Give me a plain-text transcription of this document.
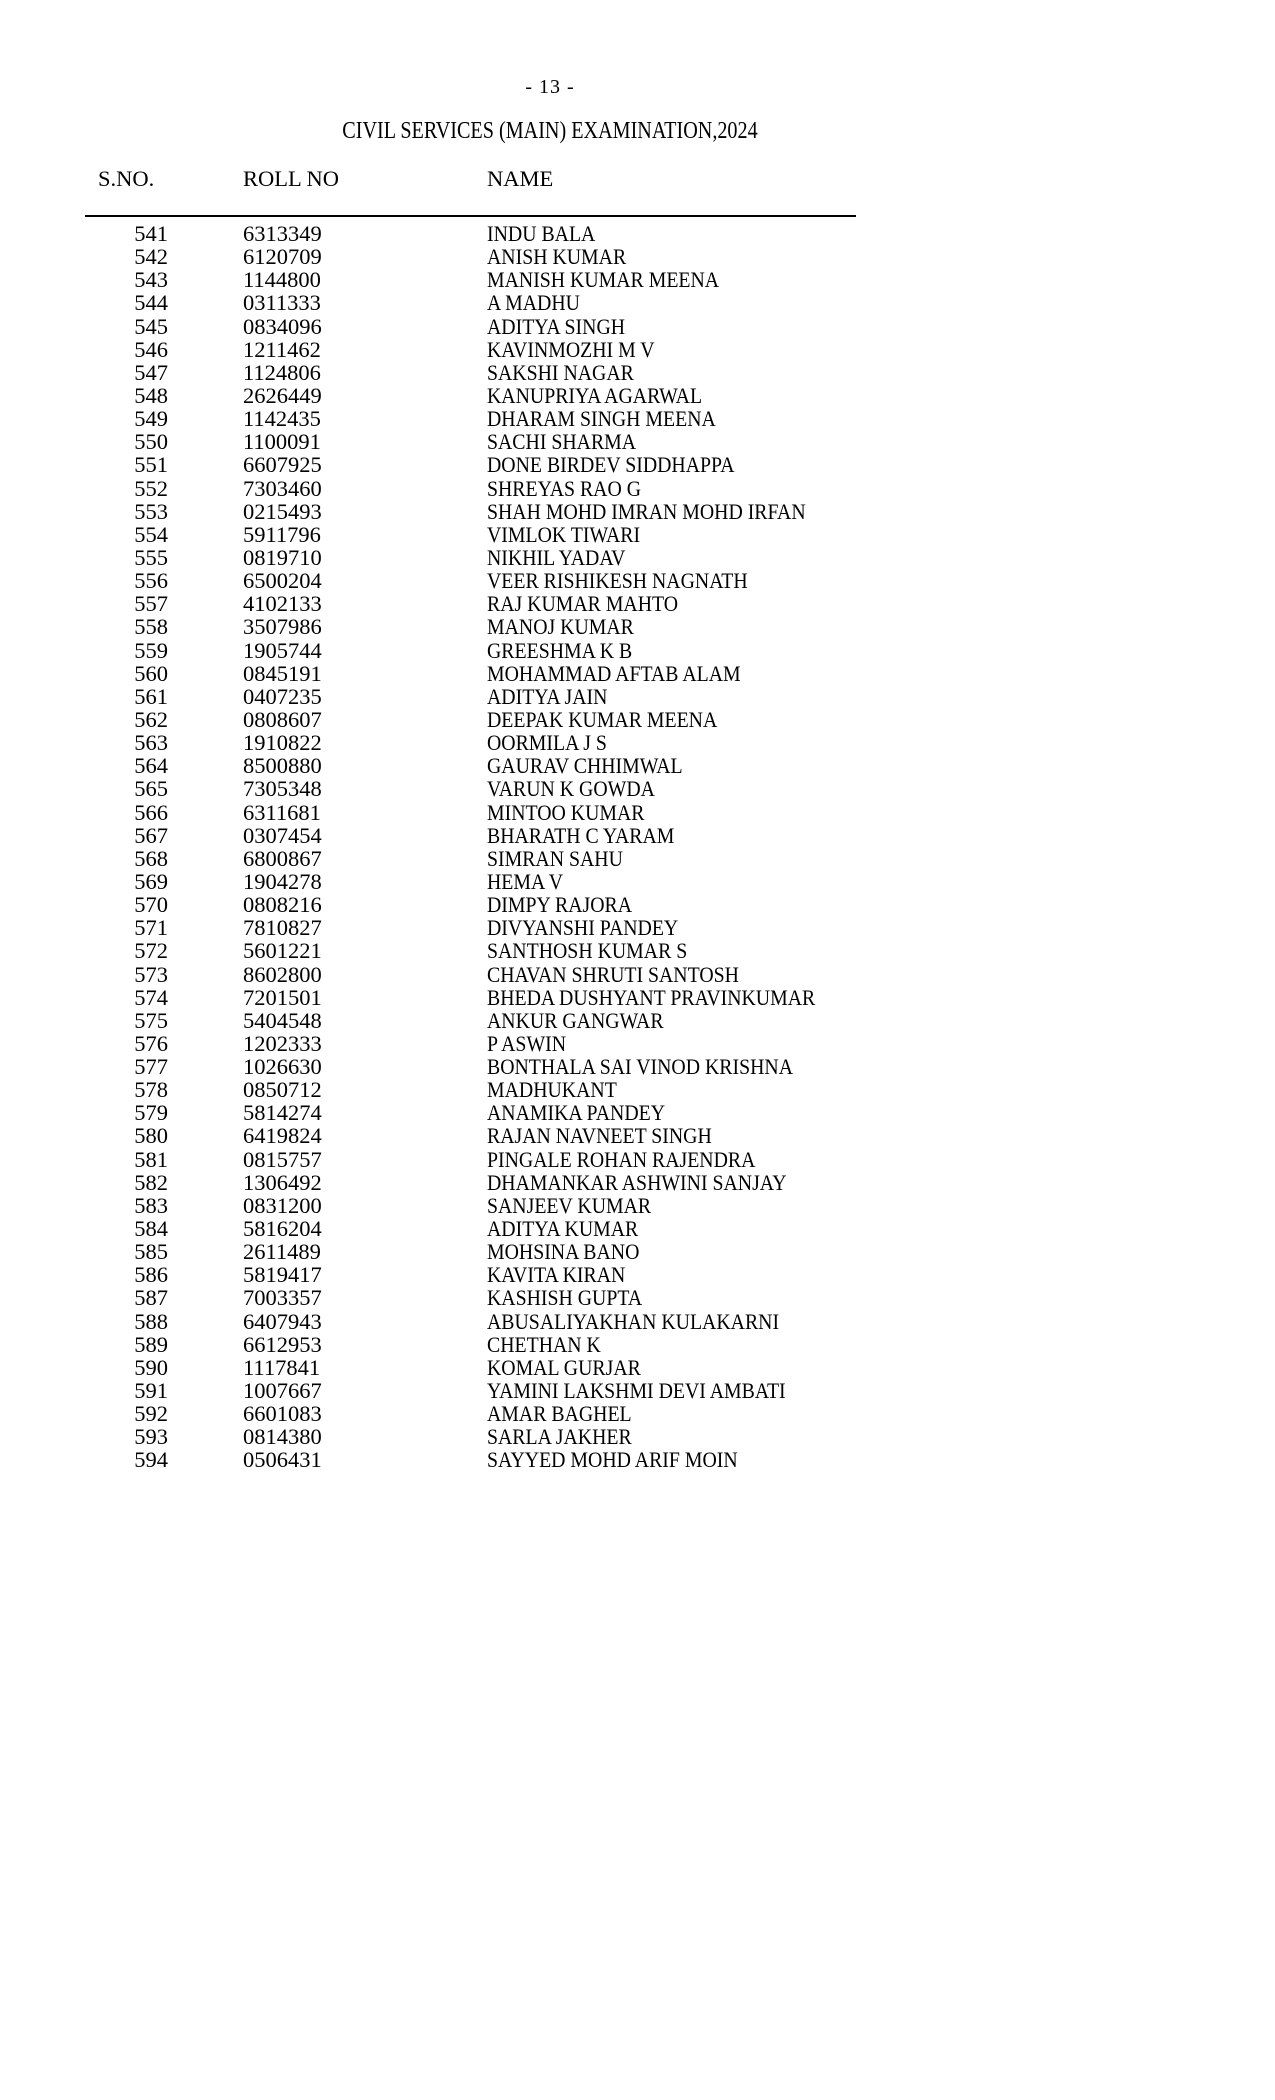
- 13 -
CIVIL SERVICES (MAIN) EXAMINATION,2024
S.NO.	ROLL NO	NAME
541	6313349	INDU BALA
542	6120709	ANISH KUMAR
543	1144800	MANISH KUMAR MEENA
544	0311333	A MADHU
545	0834096	ADITYA SINGH
546	1211462	KAVINMOZHI M V
547	1124806	SAKSHI NAGAR
548	2626449	KANUPRIYA AGARWAL
549	1142435	DHARAM SINGH MEENA
550	1100091	SACHI SHARMA
551	6607925	DONE BIRDEV SIDDHAPPA
552	7303460	SHREYAS RAO G
553	0215493	SHAH MOHD IMRAN MOHD IRFAN
554	5911796	VIMLOK TIWARI
555	0819710	NIKHIL YADAV
556	6500204	VEER RISHIKESH NAGNATH
557	4102133	RAJ KUMAR MAHTO
558	3507986	MANOJ KUMAR
559	1905744	GREESHMA K B
560	0845191	MOHAMMAD AFTAB ALAM
561	0407235	ADITYA JAIN
562	0808607	DEEPAK KUMAR MEENA
563	1910822	OORMILA J S
564	8500880	GAURAV CHHIMWAL
565	7305348	VARUN K GOWDA
566	6311681	MINTOO KUMAR
567	0307454	BHARATH C YARAM
568	6800867	SIMRAN SAHU
569	1904278	HEMA V
570	0808216	DIMPY RAJORA
571	7810827	DIVYANSHI PANDEY
572	5601221	SANTHOSH KUMAR S
573	8602800	CHAVAN SHRUTI SANTOSH
574	7201501	BHEDA DUSHYANT PRAVINKUMAR
575	5404548	ANKUR GANGWAR
576	1202333	P ASWIN
577	1026630	BONTHALA SAI VINOD KRISHNA
578	0850712	MADHUKANT
579	5814274	ANAMIKA PANDEY
580	6419824	RAJAN NAVNEET SINGH
581	0815757	PINGALE ROHAN RAJENDRA
582	1306492	DHAMANKAR ASHWINI SANJAY
583	0831200	SANJEEV KUMAR
584	5816204	ADITYA KUMAR
585	2611489	MOHSINA BANO
586	5819417	KAVITA KIRAN
587	7003357	KASHISH GUPTA
588	6407943	ABUSALIYAKHAN KULAKARNI
589	6612953	CHETHAN K
590	1117841	KOMAL GURJAR
591	1007667	YAMINI LAKSHMI DEVI AMBATI
592	6601083	AMAR BAGHEL
593	0814380	SARLA JAKHER
594	0506431	SAYYED MOHD ARIF MOIN
